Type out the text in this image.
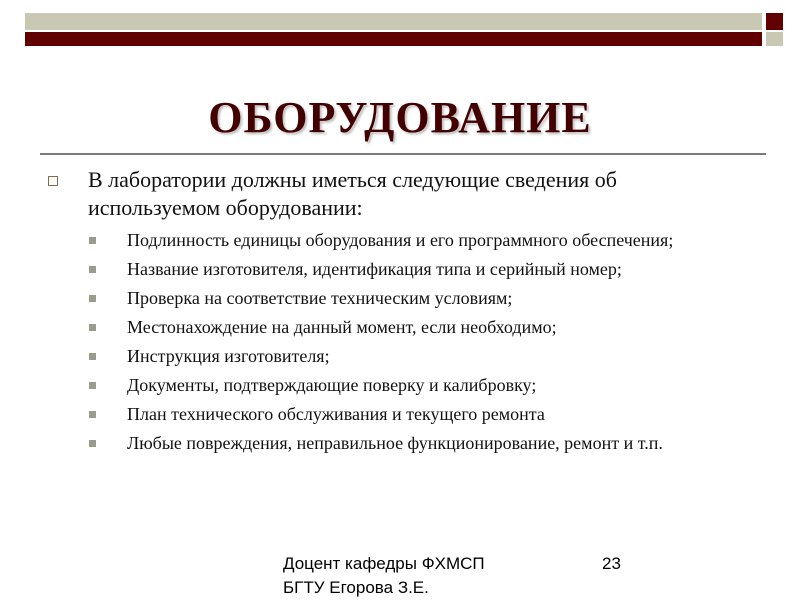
ОБОРУДОВАНИЕ
В лаборатории должны иметься следующие сведения об используемом оборудовании:
Подлинность единицы оборудования и его программного обеспечения;
Название изготовителя, идентификация типа и серийный номер;
Проверка на соответствие техническим условиям;
Местонахождение на данный момент, если необходимо;
Инструкция изготовителя;
Документы, подтверждающие поверку и калибровку;
План технического обслуживания и текущего ремонта
Любые повреждения, неправильное функционирование, ремонт и т.п.
Доцент кафедры ФХМСП
БГТУ Егорова З.Е.
23
